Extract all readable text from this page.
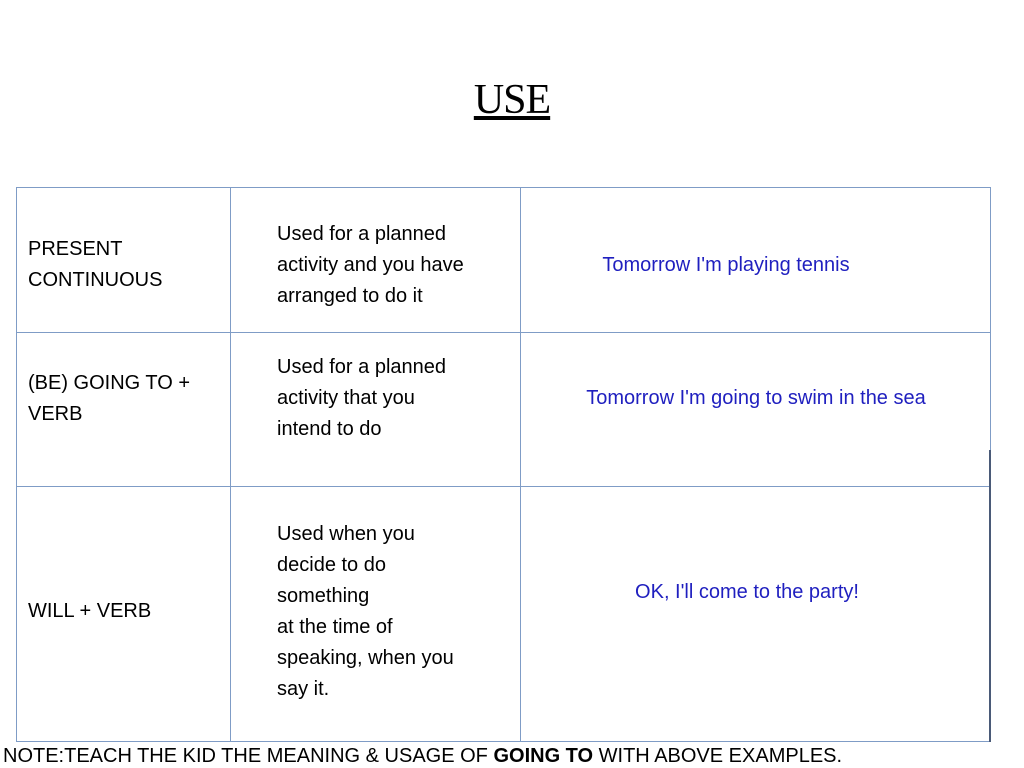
USE
PRESENT
CONTINUOUS
Used for a planned
activity and you have
arranged to do it
Tomorrow I'm playing tennis
(BE) GOING TO +
VERB
Used for a planned
activity that you
intend to do
Tomorrow I'm going to swim in the sea
WILL + VERB
Used when you
decide to do
something
at the time of
speaking, when you
say it.
OK, I'll come to the party!
NOTE:TEACH THE KID THE MEANING & USAGE OF GOING TO WITH ABOVE EXAMPLES.
